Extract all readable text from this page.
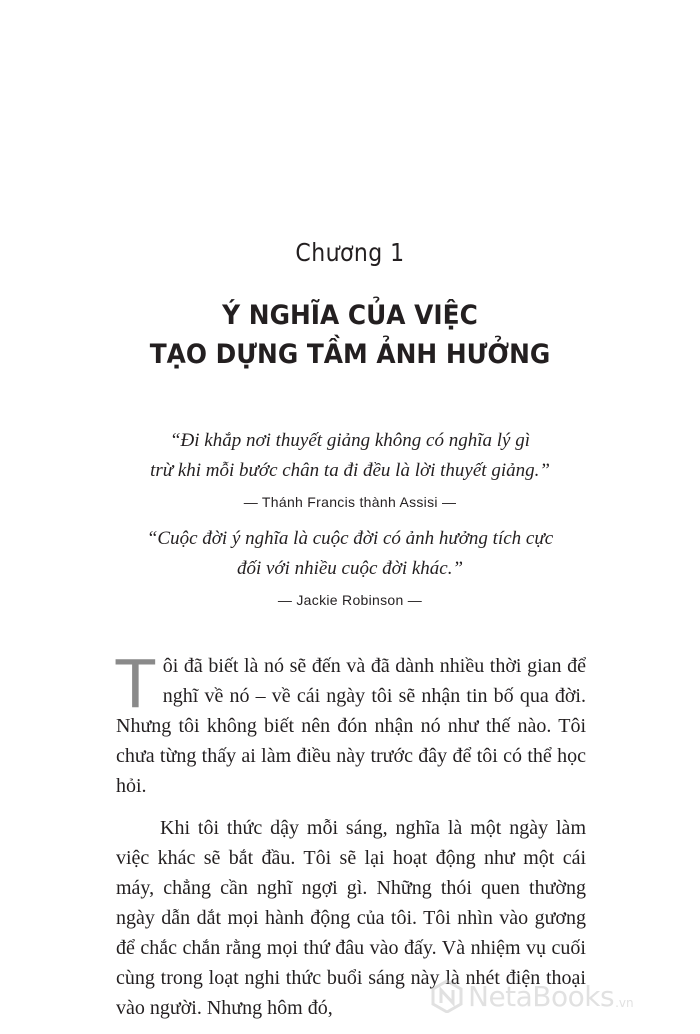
Chương 1
Ý NGHĨA CỦA VIỆC
TẠO DỰNG TẦM ẢNH HƯỞNG
“Đi khắp nơi thuyết giảng không có nghĩa lý gì
trừ khi mỗi bước chân ta đi đều là lời thuyết giảng.”
— Thánh Francis thành Assisi —
“Cuộc đời ý nghĩa là cuộc đời có ảnh hưởng tích cực
đối với nhiều cuộc đời khác.”
— Jackie Robinson —

Tôi đã biết là nó sẽ đến và đã dành nhiều thời gian để nghĩ về nó – về cái ngày tôi sẽ nhận tin bố qua đời. Nhưng tôi không biết nên đón nhận nó như thế nào. Tôi chưa từng thấy ai làm điều này trước đây để tôi có thể học hỏi.

Khi tôi thức dậy mỗi sáng, nghĩa là một ngày làm việc khác sẽ bắt đầu. Tôi sẽ lại hoạt động như một cái máy, chẳng cần nghĩ ngợi gì. Những thói quen thường ngày dẫn dắt mọi hành động của tôi. Tôi nhìn vào gương để chắc chắn rằng mọi thứ đâu vào đấy. Và nhiệm vụ cuối cùng trong loạt nghi thức buổi sáng này là nhét điện thoại vào người. Nhưng hôm đó,	NetaBooks .vn
